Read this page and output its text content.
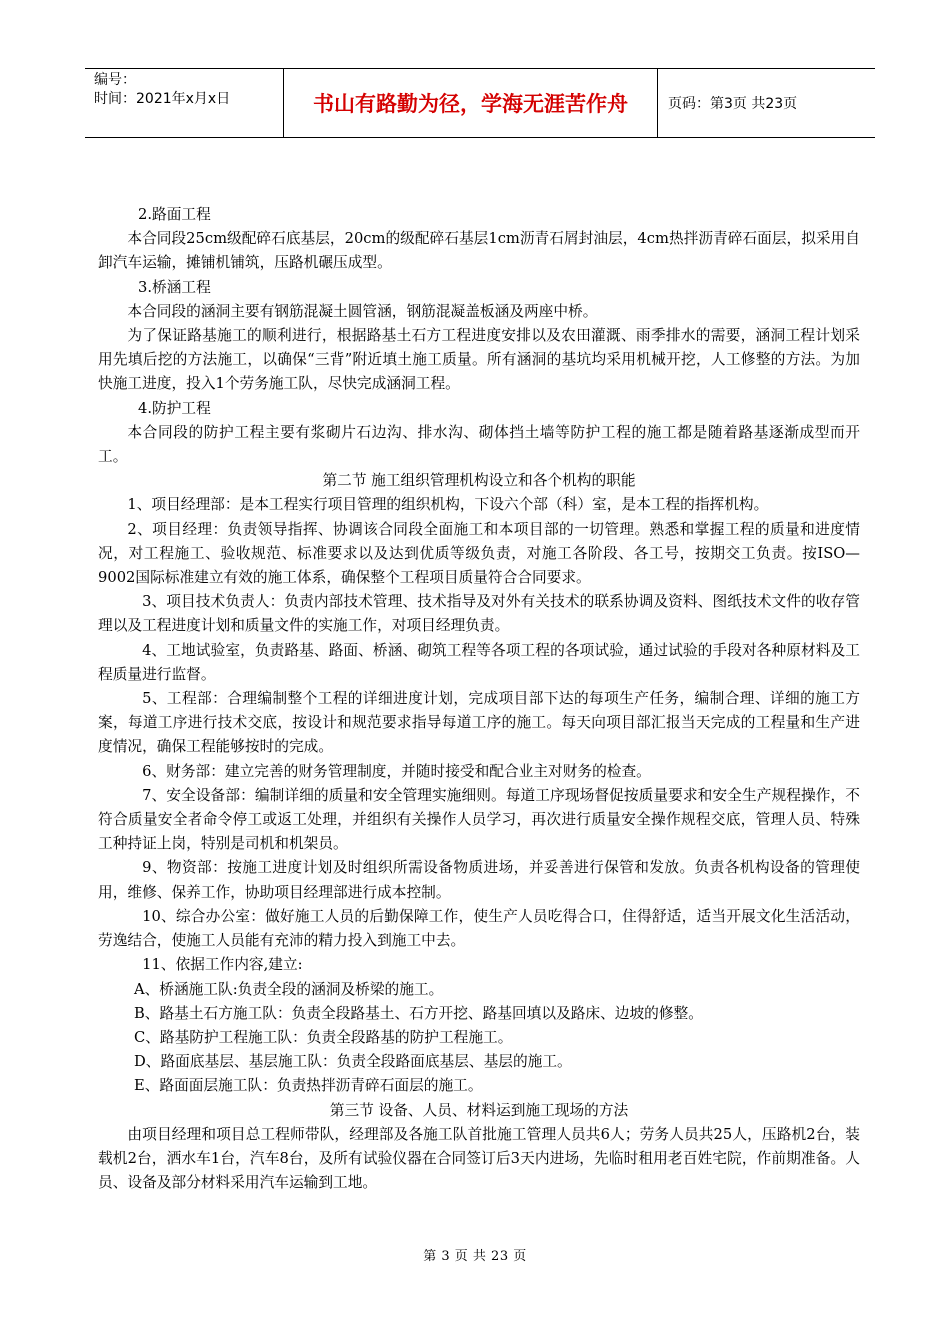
编号：
时间：2021年x月x日	书山有路勤为径，学海无涯苦作舟	页码：第3页 共23页

2.路面工程

本合同段25cm级配碎石底基层，20cm的级配碎石基层1cm沥青石屑封油层，4cm热拌沥青碎石面层，拟采用自卸汽车运输，摊铺机铺筑，压路机碾压成型。

3.桥涵工程

本合同段的涵洞主要有钢筋混凝土圆管涵，钢筋混凝盖板涵及两座中桥。

为了保证路基施工的顺利进行，根据路基土石方工程进度安排以及农田灌溉、雨季排水的需要，涵洞工程计划采用先填后挖的方法施工，以确保“三背”附近填土施工质量。所有涵洞的基坑均采用机械开挖，人工修整的方法。为加快施工进度，投入1个劳务施工队，尽快完成涵洞工程。

4.防护工程

本合同段的防护工程主要有浆砌片石边沟、排水沟、砌体挡土墙等防护工程的施工都是随着路基逐渐成型而开工。

第二节 施工组织管理机构设立和各个机构的职能

1、项目经理部：是本工程实行项目管理的组织机构，下设六个部（科）室，是本工程的指挥机构。

2、项目经理：负责领导指挥、协调该合同段全面施工和本项目部的一切管理。熟悉和掌握工程的质量和进度情况，对工程施工、验收规范、标准要求以及达到优质等级负责，对施工各阶段、各工号，按期交工负责。按ISO—9002国际标准建立有效的施工体系，确保整个工程项目质量符合合同要求。

3、项目技术负责人：负责内部技术管理、技术指导及对外有关技术的联系协调及资料、图纸技术文件的收存管理以及工程进度计划和质量文件的实施工作，对项目经理负责。

4、工地试验室，负责路基、路面、桥涵、砌筑工程等各项工程的各项试验，通过试验的手段对各种原材料及工程质量进行监督。

5、工程部：合理编制整个工程的详细进度计划，完成项目部下达的每项生产任务，编制合理、详细的施工方案，每道工序进行技术交底，按设计和规范要求指导每道工序的施工。每天向项目部汇报当天完成的工程量和生产进度情况，确保工程能够按时的完成。

6、财务部：建立完善的财务管理制度，并随时接受和配合业主对财务的检查。

7、安全设备部：编制详细的质量和安全管理实施细则。每道工序现场督促按质量要求和安全生产规程操作，不符合质量安全者命令停工或返工处理，并组织有关操作人员学习，再次进行质量安全操作规程交底，管理人员、特殊工种持证上岗，特别是司机和机架员。

9、物资部：按施工进度计划及时组织所需设备物质进场，并妥善进行保管和发放。负责各机构设备的管理使用，维修、保养工作，协助项目经理部进行成本控制。

10、综合办公室：做好施工人员的后勤保障工作，使生产人员吃得合口，住得舒适，适当开展文化生活活动，劳逸结合，使施工人员能有充沛的精力投入到施工中去。

11、依据工作内容,建立:

A、桥涵施工队:负责全段的涵洞及桥梁的施工。

B、路基土石方施工队：负责全段路基土、石方开挖、路基回填以及路床、边坡的修整。

C、路基防护工程施工队：负责全段路基的防护工程施工。

D、路面底基层、基层施工队：负责全段路面底基层、基层的施工。

E、路面面层施工队：负责热拌沥青碎石面层的施工。

第三节 设备、人员、材料运到施工现场的方法

由项目经理和项目总工程师带队，经理部及各施工队首批施工管理人员共6人；劳务人员共25人，压路机2台，装载机2台，洒水车1台，汽车8台，及所有试验仪器在合同签订后3天内进场，先临时租用老百姓宅院，作前期准备。人员、设备及部分材料采用汽车运输到工地。

第 3 页 共 23 页
